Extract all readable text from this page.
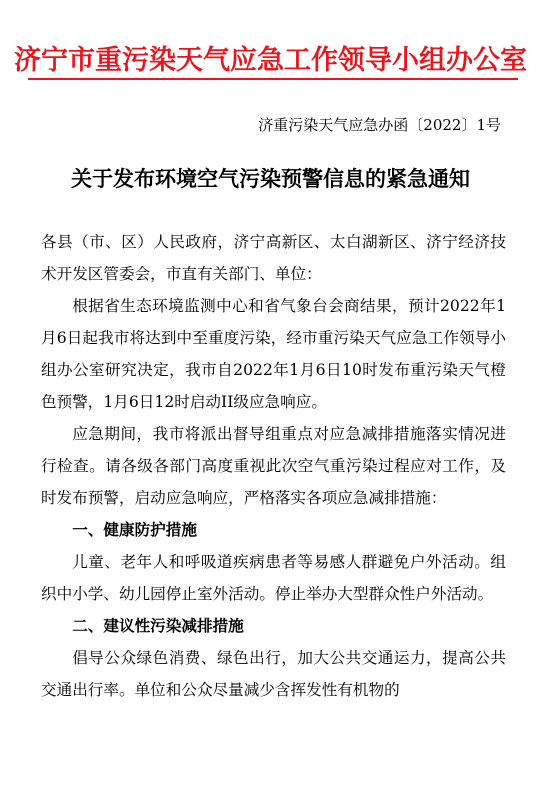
济宁市重污染天气应急工作领导小组办公室
济重污染天气应急办函〔2022〕1号
关于发布环境空气污染预警信息的紧急通知

各县（市、区）人民政府，济宁高新区、太白湖新区、济宁经济技术开发区管委会，市直有关部门、单位：

根据省生态环境监测中心和省气象台会商结果，预计2022年1月6日起我市将达到中至重度污染，经市重污染天气应急工作领导小组办公室研究决定，我市自2022年1月6日10时发布重污染天气橙色预警，1月6日12时启动II级应急响应。

应急期间，我市将派出督导组重点对应急减排措施落实情况进行检查。请各级各部门高度重视此次空气重污染过程应对工作，及时发布预警，启动应急响应，严格落实各项应急减排措施：

一、健康防护措施

儿童、老年人和呼吸道疾病患者等易感人群避免户外活动。组织中小学、幼儿园停止室外活动。停止举办大型群众性户外活动。

二、建议性污染减排措施

倡导公众绿色消费、绿色出行，加大公共交通运力，提高公共交通出行率。单位和公众尽量减少含挥发性有机物的
